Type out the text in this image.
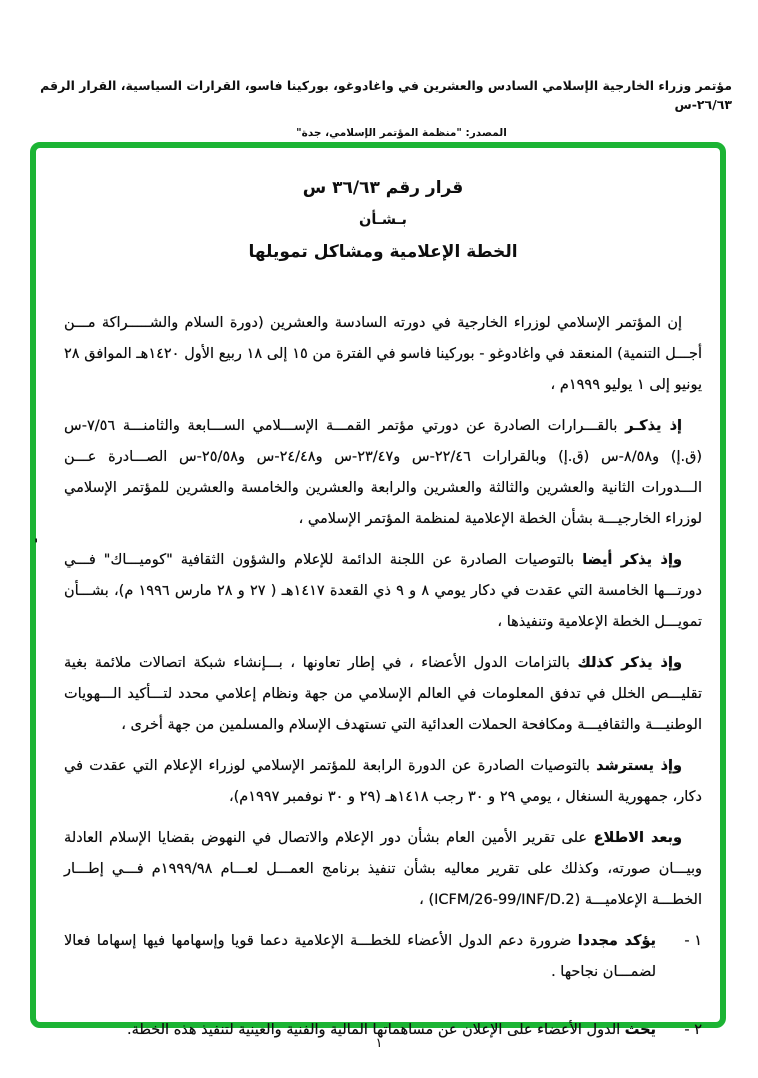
مؤتمر وزراء الخارجية الإسلامي السادس والعشرين في واغادوغو، بوركينا فاسو، القرارات السياسية، القرار الرقم ٢٦/٦٣-س
المصدر: "منظمة المؤتمر الإسلامي، جدة"
قرار رقم ٣٦/٦٣ س
بـشـأن
الخطة الإعلامية ومشاكل تمويلها

إن المؤتمر الإسلامي لوزراء الخارجية في دورته السادسة والعشرين (دورة السلام والشـــــراكة مـــن أجـــل التنمية) المنعقد في واغادوغو - بوركينا فاسو في الفترة من ١٥ إلى ١٨ ربيع الأول ١٤٢٠هـ الموافق ٢٨ يونيو إلى ١ يوليو ١٩٩٩م ،

إذ يذكـر بالقـــرارات الصادرة عن دورتي مؤتمر القمـــة الإســـلامي الســـابعة والثامنـــة ٧/٥٦-س (ق.إ) و٨/٥٨-س (ق.إ) وبالقرارات ٢٢/٤٦-س و٢٣/٤٧-س و٢٤/٤٨-س و٢٥/٥٨-س الصـــادرة عـــن الـــدورات الثانية والعشرين والثالثة والعشرين والرابعة والعشرين والخامسة والعشرين للمؤتمر الإسلامي لوزراء الخارجيـــة بشأن الخطة الإعلامية لمنظمة المؤتمر الإسلامي ،

وإذ يذكر أيضا بالتوصيات الصادرة عن اللجنة الدائمة للإعلام والشؤون الثقافية "كوميـــاك" فـــي دورتـــها الخامسة التي عقدت في دكار يومي ٨ و ٩ ذي القعدة ١٤١٧هـ ( ٢٧ و ٢٨ مارس ١٩٩٦ م)، بشـــأن تمويـــل الخطة الإعلامية وتنفيذها ،

وإذ يذكر كذلك بالتزامات الدول الأعضاء ، في إطار تعاونها ، بـــإنشاء شبكة اتصالات ملائمة بغية تقليـــص الخلل في تدفق المعلومات في العالم الإسلامي من جهة ونظام إعلامي محدد لتـــأكيد الـــهويات الوطنيـــة والثقافيـــة ومكافحة الحملات العدائية التي تستهدف الإسلام والمسلمين من جهة أخرى ،

وإذ يسترشد بالتوصيات الصادرة عن الدورة الرابعة للمؤتمر الإسلامي لوزراء الإعلام التي عقدت في دكار، جمهورية السنغال ، يومي ٢٩ و ٣٠ رجب ١٤١٨هـ (٢٩ و ٣٠ نوفمبر ١٩٩٧م)،

وبعد الاطلاع على تقرير الأمين العام بشأن دور الإعلام والاتصال في النهوض بقضايا الإسلام العادلة وبيـــان صورته، وكذلك على تقرير معاليه بشأن تنفيذ برنامج العمـــل لعـــام ١٩٩٩/٩٨م فـــي إطـــار الخطـــة الإعلاميـــة (ICFM/26-99/INF/D.2) ،

١ -
يؤكد مجددا ضرورة دعم الدول الأعضاء للخطـــة الإعلامية دعما قويا وإسهامها فيها إسهاما فعالا لضمـــان نجاحها .
٢ -
يحث الدول الأعضاء على الإعلان عن مساهماتها المالية والفنية والعينية لتنفيذ هذه الخطة.
'
١
